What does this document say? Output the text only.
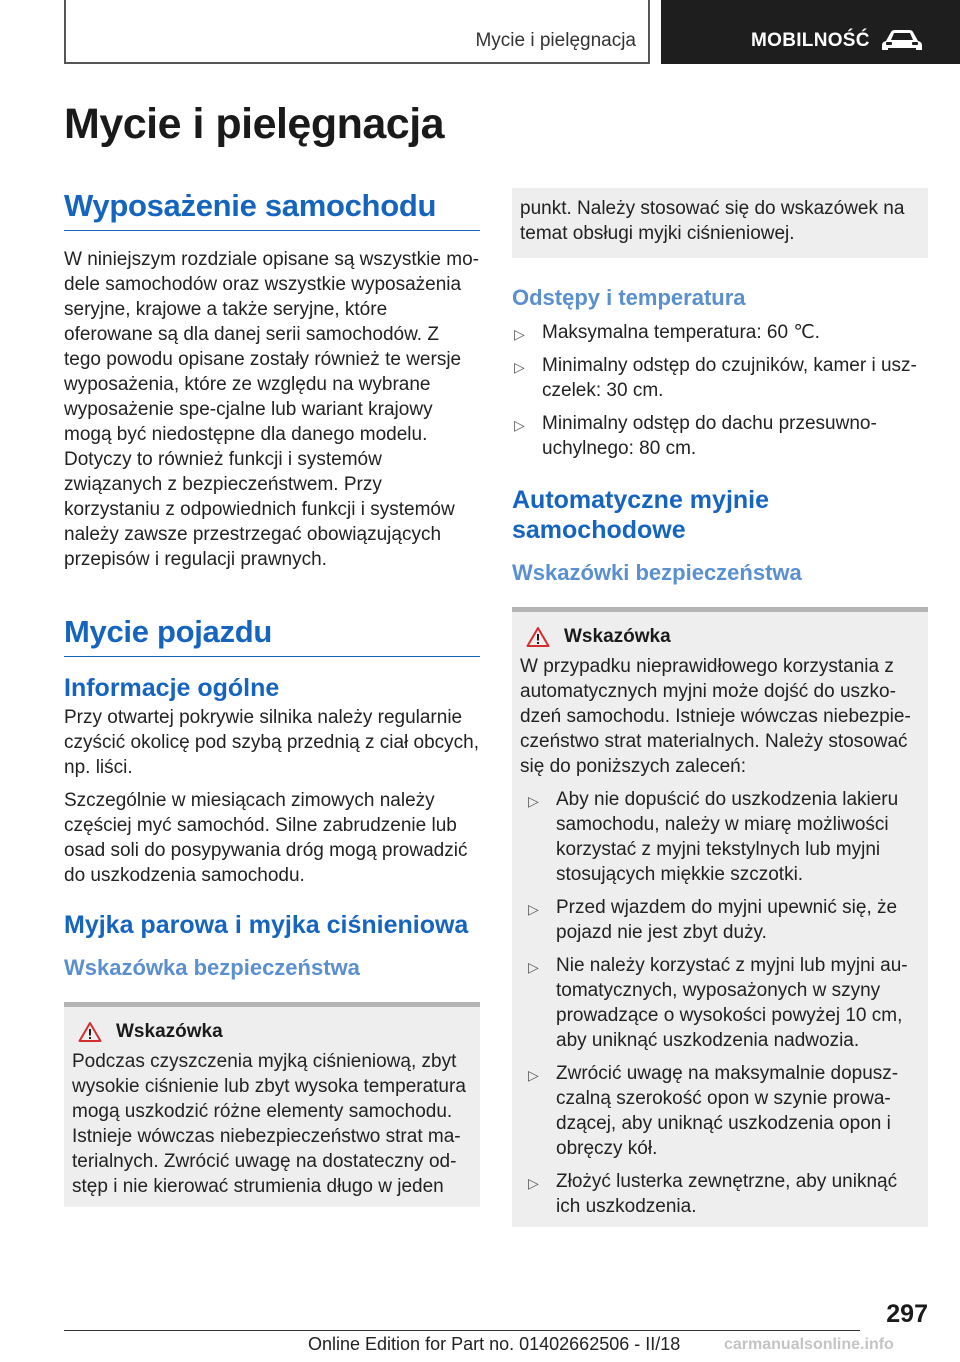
Mycie i pielęgnacja	MOBILNOŚĆ
Mycie i pielęgnacja
Wyposażenie samochodu

W niniejszym rozdziale opisane są wszystkie mo-dele samochodów oraz wszystkie wyposażenia seryjne, krajowe a także seryjne, które oferowane są dla danej serii samochodów. Z tego powodu opisane zostały również te wersje wyposażenia, które ze względu na wybrane wyposażenie spe-cjalne lub wariant krajowy mogą być niedostępne dla danego modelu. Dotyczy to również funkcji i systemów związanych z bezpieczeństwem. Przy korzystaniu z odpowiednich funkcji i systemów należy zawsze przestrzegać obowiązujących przepisów i regulacji prawnych.

Mycie pojazdu
Informacje ogólne

Przy otwartej pokrywie silnika należy regularnie czyścić okolicę pod szybą przednią z ciał obcych, np. liści.

Szczególnie w miesiącach zimowych należy częściej myć samochód. Silne zabrudzenie lub osad soli do posypywania dróg mogą prowadzić do uszkodzenia samochodu.

Myjka parowa i myjka ciśnieniowa
Wskazówka bezpieczeństwa
Wskazówka

Podczas czyszczenia myjką ciśnieniową, zbyt wysokie ciśnienie lub zbyt wysoka temperatura mogą uszkodzić różne elementy samochodu. Istnieje wówczas niebezpieczeństwo strat ma-terialnych. Zwrócić uwagę na dostateczny od-stęp i nie kierować strumienia długo w jeden

punkt. Należy stosować się do wskazówek na temat obsługi myjki ciśnieniowej.

Odstępy i temperatura
▷ Maksymalna temperatura: 60 ℃.
▷ Minimalny odstęp do czujników, kamer i usz-czelek: 30 cm.
▷ Minimalny odstęp do dachu przesuwno-uchylnego: 80 cm.
Automatyczne myjnie samochodowe
Wskazówki bezpieczeństwa
Wskazówka

W przypadku nieprawidłowego korzystania z automatycznych myjni może dojść do uszko-dzeń samochodu. Istnieje wówczas niebezpie-czeństwo strat materialnych. Należy stosować się do poniższych zaleceń:

▷ Aby nie dopuścić do uszkodzenia lakieru samochodu, należy w miarę możliwości korzystać z myjni tekstylnych lub myjni stosujących miękkie szczotki.
▷ Przed wjazdem do myjni upewnić się, że pojazd nie jest zbyt duży.
▷ Nie należy korzystać z myjni lub myjni au-tomatycznych, wyposażonych w szyny prowadzące o wysokości powyżej 10 cm, aby uniknąć uszkodzenia nadwozia.
▷ Zwrócić uwagę na maksymalnie dopusz-czalną szerokość opon w szynie prowa-dzącej, aby uniknąć uszkodzenia opon i obręczy kół.
▷ Złożyć lusterka zewnętrzne, aby uniknąć ich uszkodzenia.
297
Online Edition for Part no. 01402662506 - II/18	carmanualsonline.info
